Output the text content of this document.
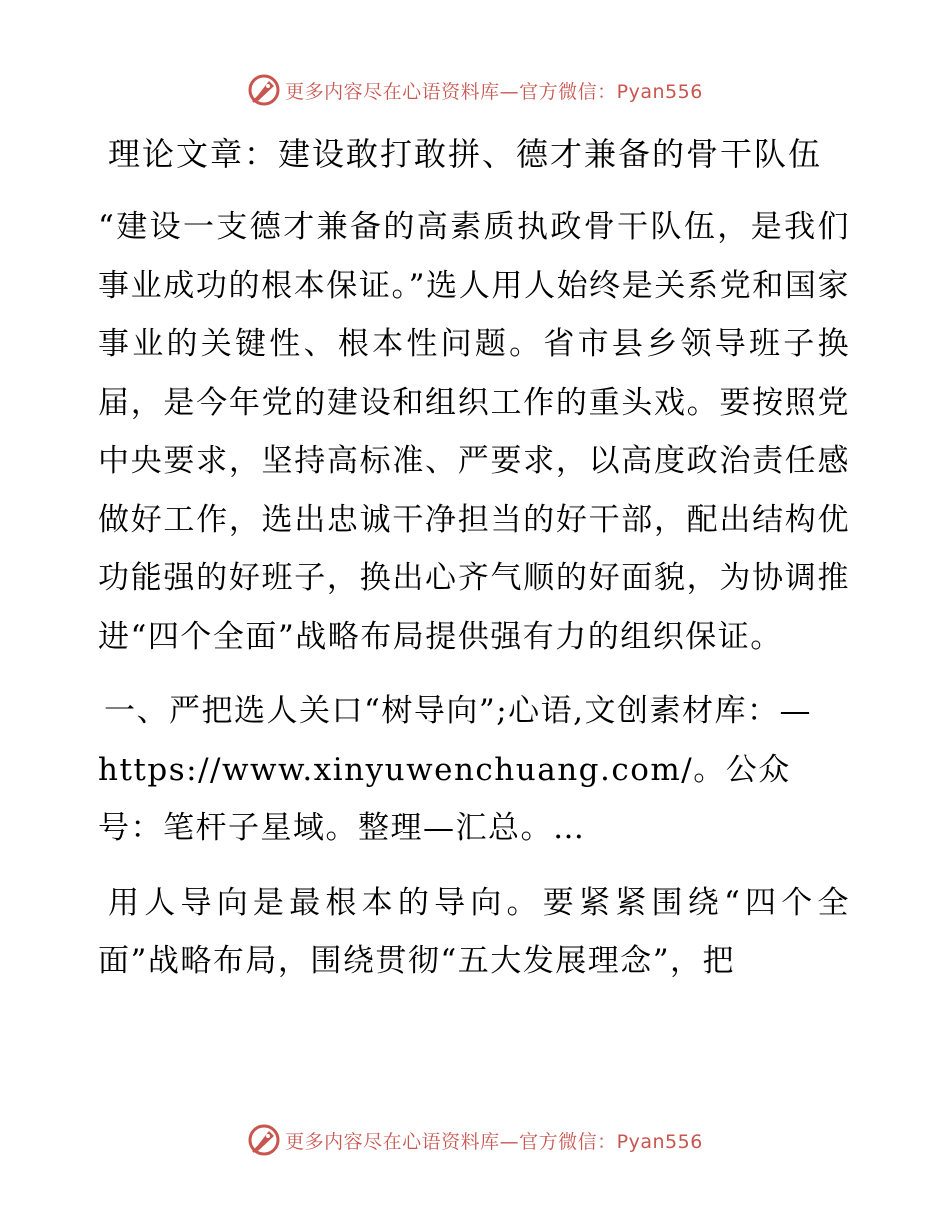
更多内容尽在心语资料库—官方微信：Pyan556
理论文章：建设敢打敢拼、德才兼备的骨干队伍

“建设一支德才兼备的高素质执政骨干队伍，是我们事业成功的根本保证。”选人用人始终是关系党和国家事业的关键性、根本性问题。省市县乡领导班子换届，是今年党的建设和组织工作的重头戏。要按照党中央要求，坚持高标准、严要求，以高度政治责任感做好工作，选出忠诚干净担当的好干部，配出结构优功能强的好班子，换出心齐气顺的好面貌，为协调推进“四个全面”战略布局提供强有力的组织保证。

一、严把选人关口“树导向”;心语,文创素材库：—https://www.xinyuwenchuang.com/。公众号：笔杆子星域。整理—汇总。…

用人导向是最根本的导向。要紧紧围绕“四个全面”战略布局，围绕贯彻“五大发展理念”，把

更多内容尽在心语资料库—官方微信：Pyan556
